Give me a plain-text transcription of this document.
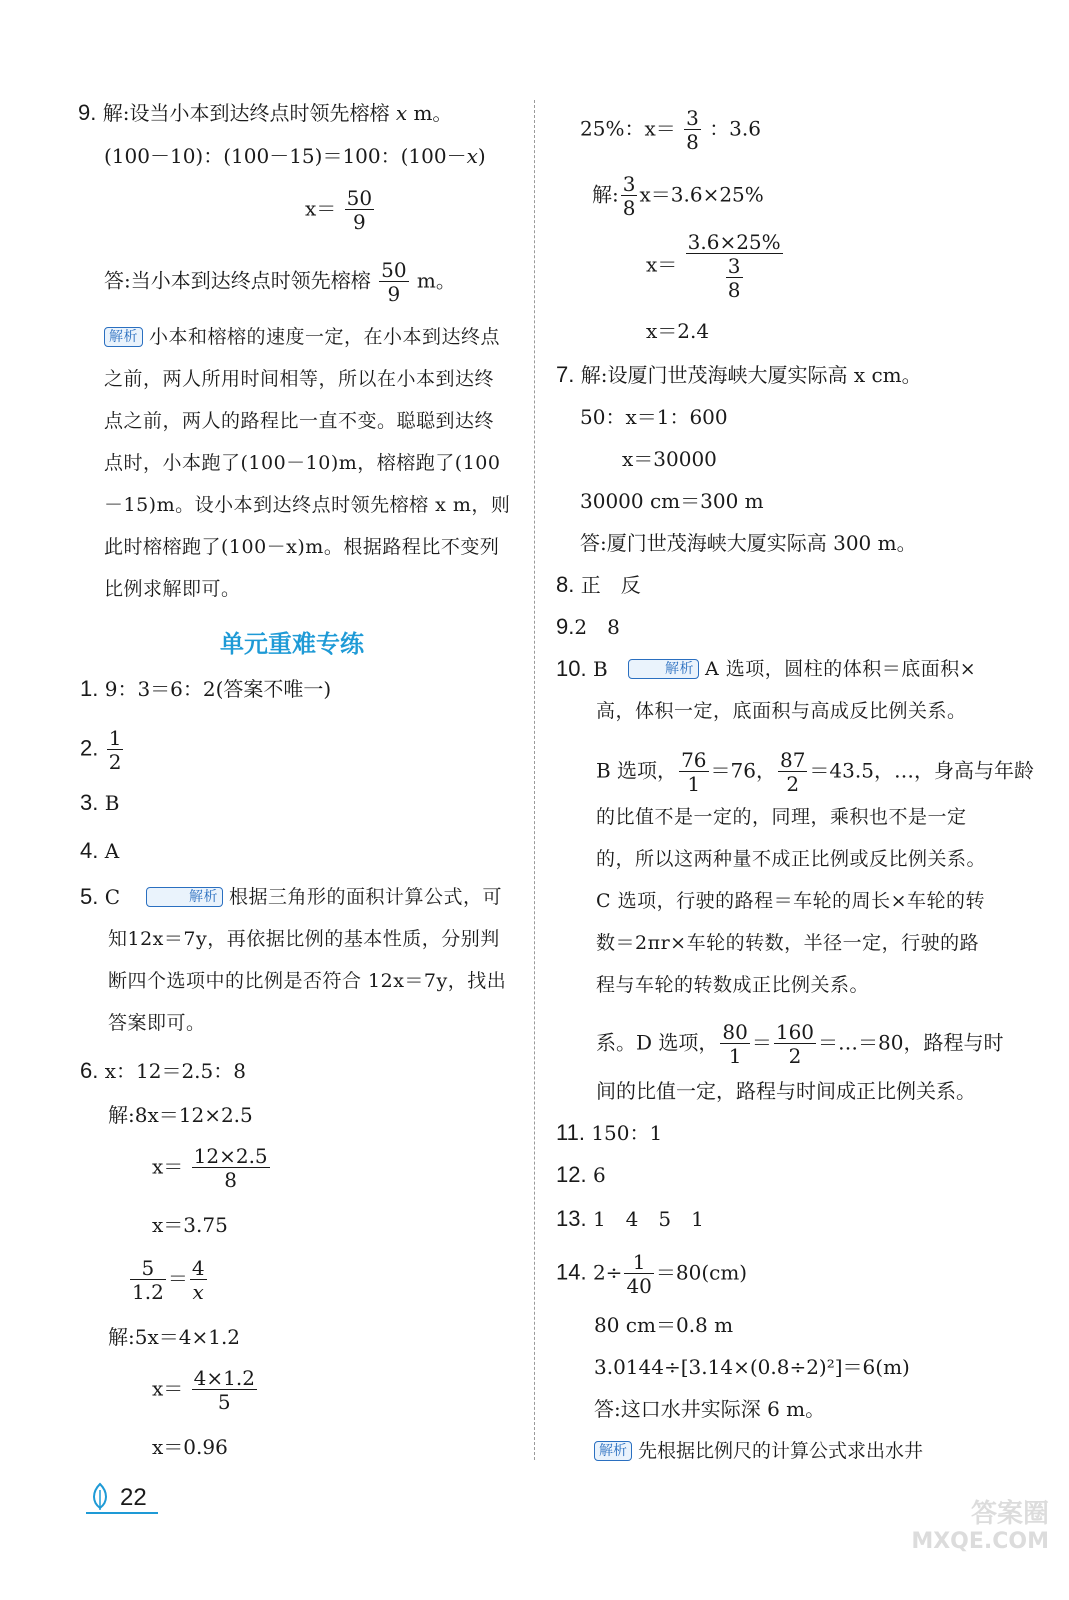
9. 解:设当小本到达终点时领先榕榕 x m。
(100－10)：(100－15)＝100：(100－x)
$x= \frac{50}{9}$
答:当小本到达终点时领先榕榕 $\frac{50}{9}$ m。
解析 小本和榕榕的速度一定，在小本到达终点之前，两人所用时间相等，所以在小本到达终点之前，两人的路程比一直不变。聪聪到达终点时，小本跑了(100－10)m，榕榕跑了(100－15)m。设小本到达终点时领先榕榕 x m，则此时榕榕跑了(100－x)m。根据路程比不变列比例求解即可。
单元重难专练
1. 9：3＝6：2(答案不唯一)
2. $\frac{1}{2}$
3. B
4. A
5. C	解析 根据三角形的面积计算公式，可知12x＝7y，再依据比例的基本性质，分别判断四个选项中的比例是否符合 12x＝7y，找出答案即可。
6. x：12＝2.5：8
解:8x＝12×2.5
$x= \frac{12\times 2.5}{8}$
x＝3.75
$\frac{5}{1.2} = \frac{4}{x}$
解:5x＝4×1.2
$x= \frac{4\times 1.2}{5}$
x＝0.96
25%：$x= \frac{3}{8}$ ：3.6
解: $\frac{3}{8} x=3.6\times 25\%$
$x= \frac{3.6\times 25\%}{\frac{3}{8}}$
x＝2.4
7. 解:设厦门世茂海峡大厦实际高 x cm。
50：x＝1：600
x＝30000
30000 cm＝300 m
答:厦门世茂海峡大厦实际高 300 m。
8. 正　反
9.2　8
10. B	解析 A 选项，圆柱的体积＝底面积×高，体积一定，底面积与高成反比例关系。
B 选项， $\frac{76}{1} =76$， $\frac{87}{2} =43.5$，…，身高与年龄
的比值不是一定的，同理，乘积也不是一定的，所以这两种量不成正比例或反比例关系。C 选项，行驶的路程＝车轮的周长×车轮的转数＝2πr×车轮的转数，半径一定，行驶的路程与车轮的转数成正比例关系。
系。D 选项， $\frac{80}{1} = \frac{160}{2}$ ＝…＝80，路程与时
间的比值一定，路程与时间成正比例关系。
11. 150：1
12. 6
13. 1　4　5　1
14. $2\div \frac{1}{40} =80(cm)$
80 cm＝0.8 m
3.0144÷[3.14×(0.8÷2)²]＝6(m)
答:这口水井实际深 6 m。
解析 先根据比例尺的计算公式求出水井
22
答案圈
MXQE.COM
